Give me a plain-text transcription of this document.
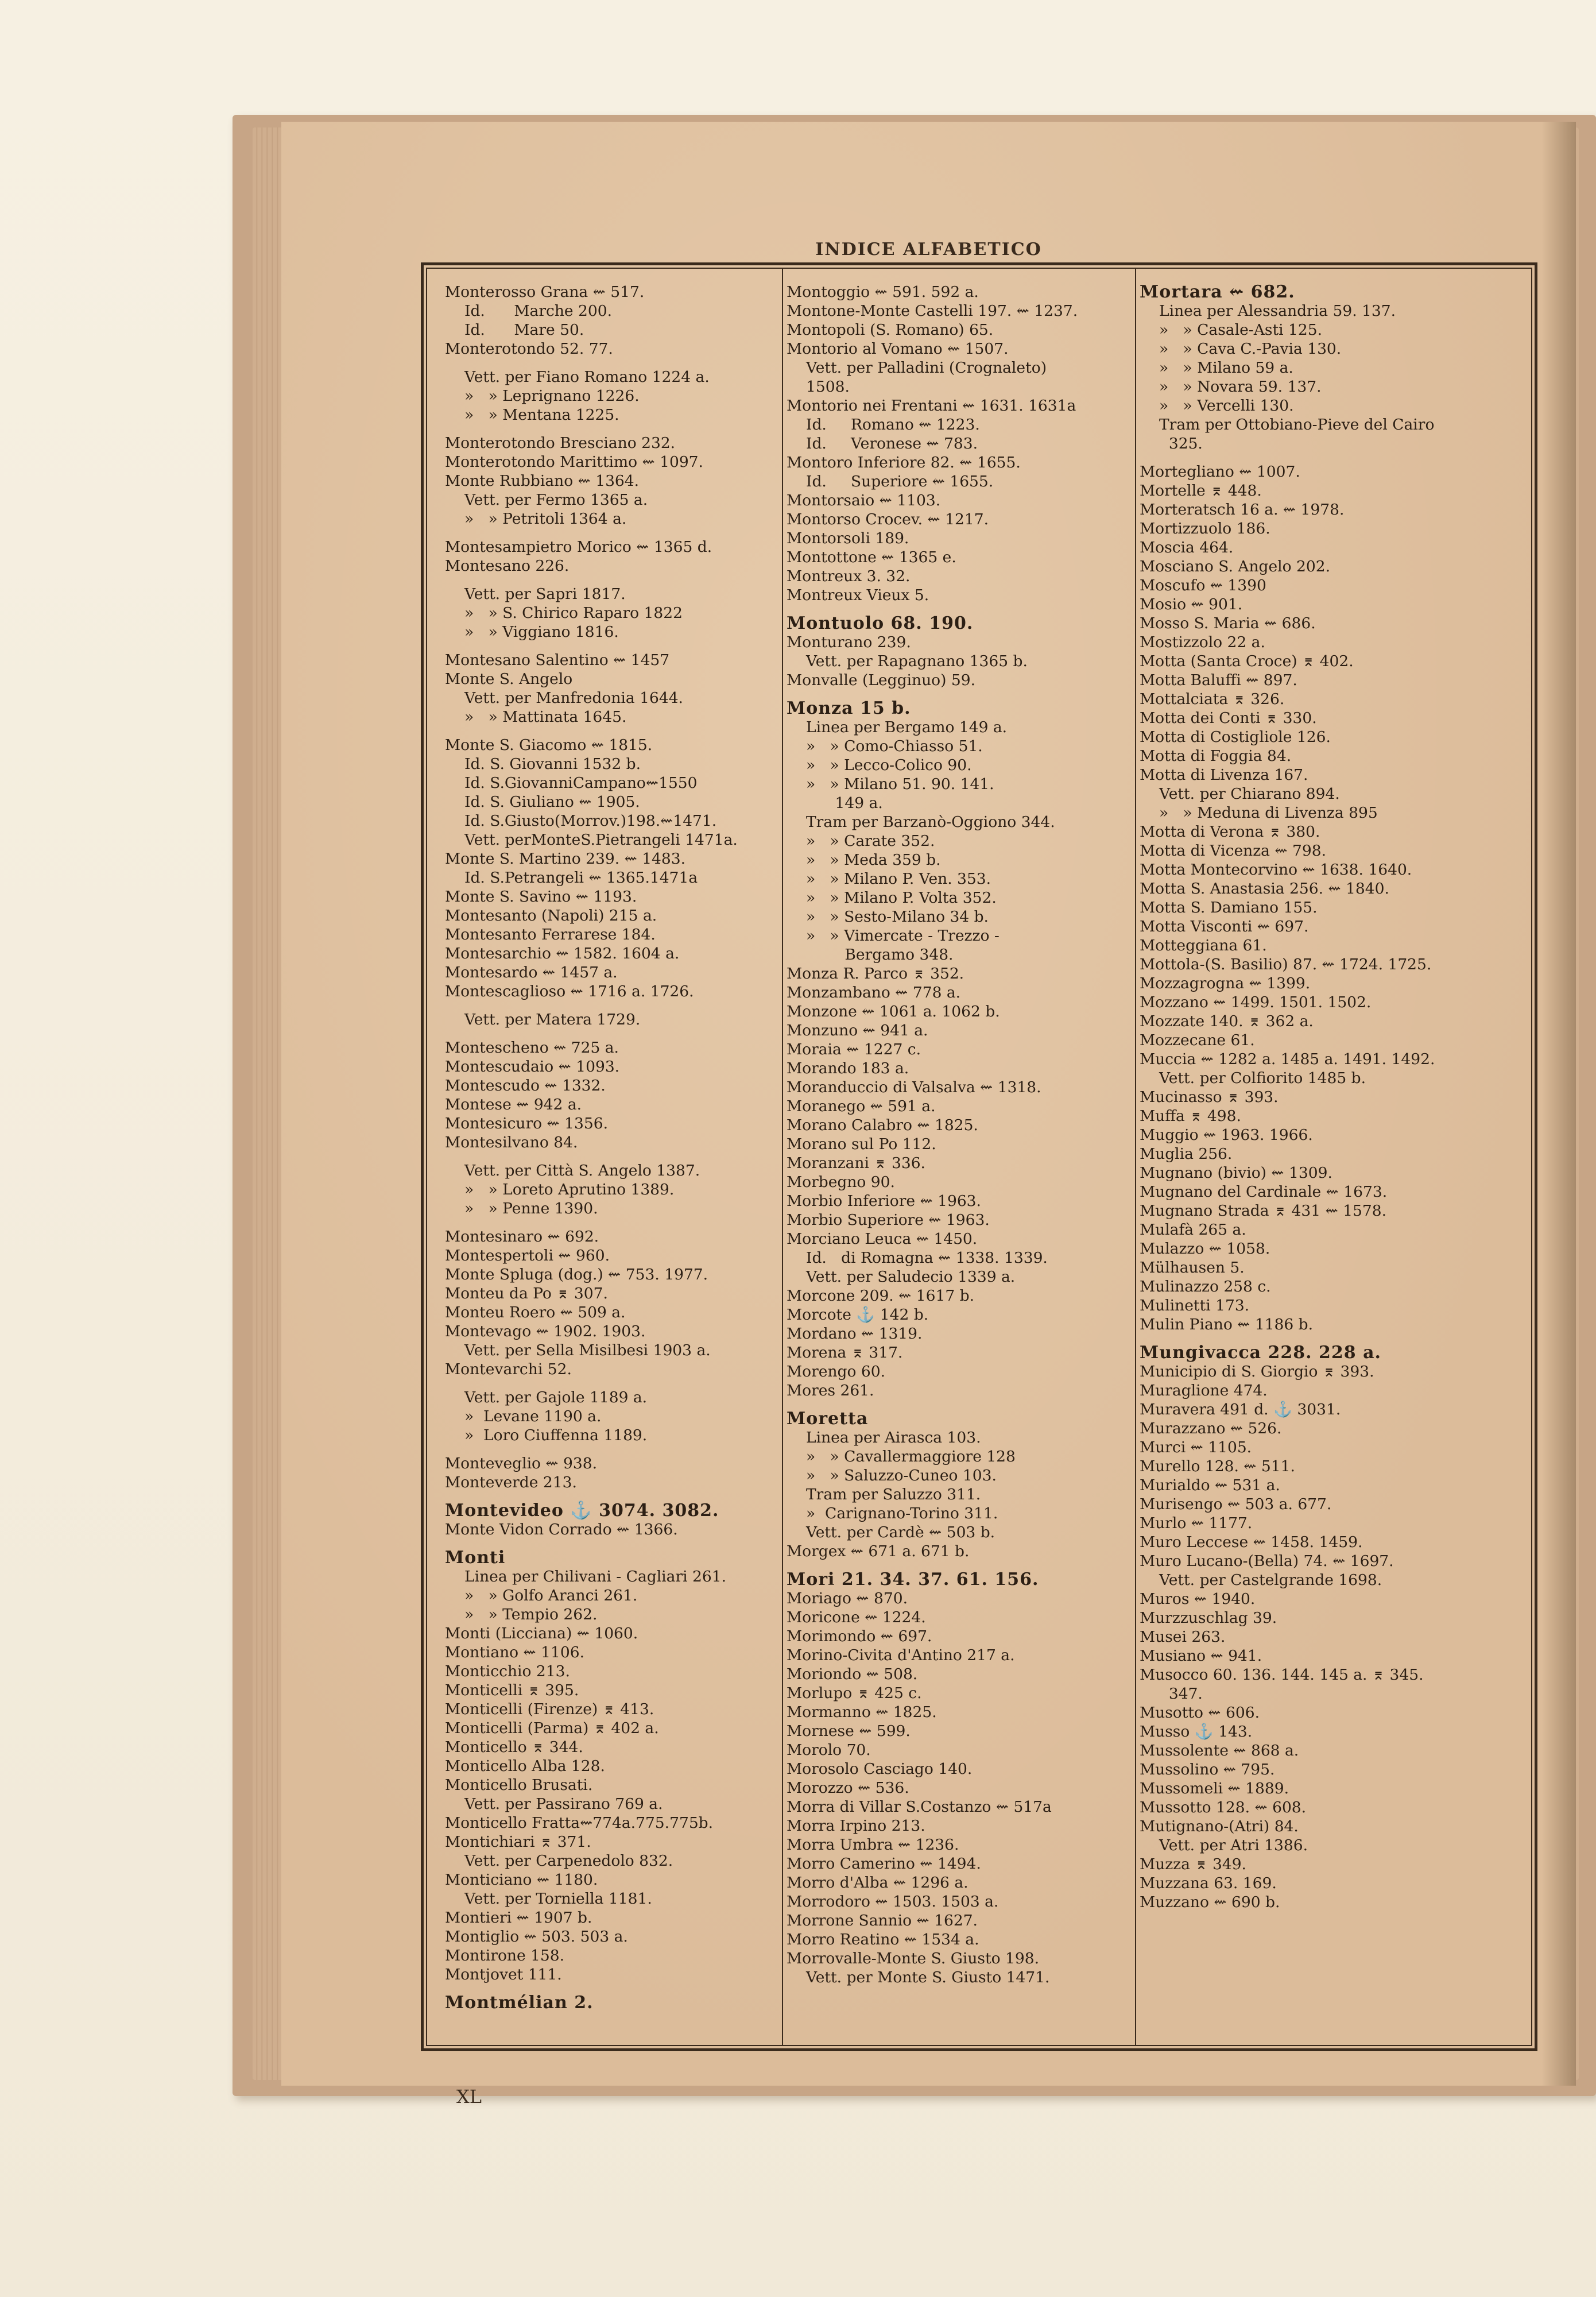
INDICE ALFABETICO
Monterosso Grana ⇜ 517.
Id.      Marche 200.
Id.      Mare 50.
Monterotondo 52. 77.
Vett. per Fiano Romano 1224 a.
»   » Leprignano 1226.
»   » Mentana 1225.
Monterotondo Bresciano 232.
Monterotondo Marittimo ⇜ 1097.
Monte Rubbiano ⇜ 1364.
Vett. per Fermo 1365 a.
»   » Petritoli 1364 a.
Montesampietro Morico ⇜ 1365 d.
Montesano 226.
Vett. per Sapri 1817.
»   » S. Chirico Raparo 1822
»   » Viggiano 1816.
Montesano Salentino ⇜ 1457
Monte S. Angelo
Vett. per Manfredonia 1644.
»   » Mattinata 1645.
Monte S. Giacomo ⇜ 1815.
Id. S. Giovanni 1532 b.
Id. S.GiovanniCampano⇜1550
Id. S. Giuliano ⇜ 1905.
Id. S.Giusto(Morrov.)198.⇜1471.
Vett. perMonteS.Pietrangeli 1471a.
Monte S. Martino 239. ⇜ 1483.
Id. S.Petrangeli ⇜ 1365.1471a
Monte S. Savino ⇜ 1193.
Montesanto (Napoli) 215 a.
Montesanto Ferrarese 184.
Montesarchio ⇜ 1582. 1604 a.
Montesardo ⇜ 1457 a.
Montescaglioso ⇜ 1716 a. 1726.
Vett. per Matera 1729.
Montescheno ⇜ 725 a.
Montescudaio ⇜ 1093.
Montescudo ⇜ 1332.
Montese ⇜ 942 a.
Montesicuro ⇜ 1356.
Montesilvano 84.
Vett. per Città S. Angelo 1387.
»   » Loreto Aprutino 1389.
»   » Penne 1390.
Montesinaro ⇜ 692.
Montespertoli ⇜ 960.
Monte Spluga (dog.) ⇜ 753. 1977.
Monteu da Po ⌆ 307.
Monteu Roero ⇜ 509 a.
Montevago ⇜ 1902. 1903.
Vett. per Sella Misilbesi 1903 a.
Montevarchi 52.
Vett. per Gajole 1189 a.
»  Levane 1190 a.
»  Loro Ciuffenna 1189.
Monteveglio ⇜ 938.
Monteverde 213.
Montevideo ⚓ 3074. 3082.
Monte Vidon Corrado ⇜ 1366.
Monti
Linea per Chilivani - Cagliari 261.
»   » Golfo Aranci 261.
»   » Tempio 262.
Monti (Licciana) ⇜ 1060.
Montiano ⇜ 1106.
Monticchio 213.
Monticelli ⌆ 395.
Monticelli (Firenze) ⌆ 413.
Monticelli (Parma) ⌆ 402 a.
Monticello ⌆ 344.
Monticello Alba 128.
Monticello Brusati.
Vett. per Passirano 769 a.
Monticello Fratta⇜774a.775.775b.
Montichiari ⌆ 371.
Vett. per Carpenedolo 832.
Monticiano ⇜ 1180.
Vett. per Torniella 1181.
Montieri ⇜ 1907 b.
Montiglio ⇜ 503. 503 a.
Montirone 158.
Montjovet 111.
Montmélian 2.
Montoggio ⇜ 591. 592 a.
Montone-Monte Castelli 197. ⇜ 1237.
Montopoli (S. Romano) 65.
Montorio al Vomano ⇜ 1507.
Vett. per Palladini (Crognaleto)
1508.
Montorio nei Frentani ⇜ 1631. 1631a
Id.     Romano ⇜ 1223.
Id.     Veronese ⇜ 783.
Montoro Inferiore 82. ⇜ 1655.
Id.     Superiore ⇜ 1655.
Montorsaio ⇜ 1103.
Montorso Crocev. ⇜ 1217.
Montorsoli 189.
Montottone ⇜ 1365 e.
Montreux 3. 32.
Montreux Vieux 5.
Montuolo 68. 190.
Monturano 239.
Vett. per Rapagnano 1365 b.
Monvalle (Legginuo) 59.
Monza 15 b.
Linea per Bergamo 149 a.
»   » Como-Chiasso 51.
»   » Lecco-Colico 90.
»   » Milano 51. 90. 141.
149 a.
Tram per Barzanò-Oggiono 344.
»   » Carate 352.
»   » Meda 359 b.
»   » Milano P. Ven. 353.
»   » Milano P. Volta 352.
»   » Sesto-Milano 34 b.
»   » Vimercate - Trezzo -
Bergamo 348.
Monza R. Parco ⌆ 352.
Monzambano ⇜ 778 a.
Monzone ⇜ 1061 a. 1062 b.
Monzuno ⇜ 941 a.
Moraia ⇜ 1227 c.
Morando 183 a.
Moranduccio di Valsalva ⇜ 1318.
Moranego ⇜ 591 a.
Morano Calabro ⇜ 1825.
Morano sul Po 112.
Moranzani ⌆ 336.
Morbegno 90.
Morbio Inferiore ⇜ 1963.
Morbio Superiore ⇜ 1963.
Morciano Leuca ⇜ 1450.
Id.   di Romagna ⇜ 1338. 1339.
Vett. per Saludecio 1339 a.
Morcone 209. ⇜ 1617 b.
Morcote ⚓ 142 b.
Mordano ⇜ 1319.
Morena ⌆ 317.
Morengo 60.
Mores 261.
Moretta
Linea per Airasca 103.
»   » Cavallermaggiore 128
»   » Saluzzo-Cuneo 103.
Tram per Saluzzo 311.
»  Carignano-Torino 311.
Vett. per Cardè ⇜ 503 b.
Morgex ⇜ 671 a. 671 b.
Mori 21. 34. 37. 61. 156.
Moriago ⇜ 870.
Moricone ⇜ 1224.
Morimondo ⇜ 697.
Morino-Civita d'Antino 217 a.
Moriondo ⇜ 508.
Morlupo ⌆ 425 c.
Mormanno ⇜ 1825.
Mornese ⇜ 599.
Morolo 70.
Morosolo Casciago 140.
Morozzo ⇜ 536.
Morra di Villar S.Costanzo ⇜ 517a
Morra Irpino 213.
Morra Umbra ⇜ 1236.
Morro Camerino ⇜ 1494.
Morro d'Alba ⇜ 1296 a.
Morrodoro ⇜ 1503. 1503 a.
Morrone Sannio ⇜ 1627.
Morro Reatino ⇜ 1534 a.
Morrovalle-Monte S. Giusto 198.
Vett. per Monte S. Giusto 1471.
Mortara ⇜ 682.
Linea per Alessandria 59. 137.
»   » Casale-Asti 125.
»   » Cava C.-Pavia 130.
»   » Milano 59 a.
»   » Novara 59. 137.
»   » Vercelli 130.
Tram per Ottobiano-Pieve del Cairo
325.
Mortegliano ⇜ 1007.
Mortelle ⌆ 448.
Morteratsch 16 a. ⇜ 1978.
Mortizzuolo 186.
Moscia 464.
Mosciano S. Angelo 202.
Moscufo ⇜ 1390
Mosio ⇜ 901.
Mosso S. Maria ⇜ 686.
Mostizzolo 22 a.
Motta (Santa Croce) ⌆ 402.
Motta Baluffi ⇜ 897.
Mottalciata ⌆ 326.
Motta dei Conti ⌆ 330.
Motta di Costigliole 126.
Motta di Foggia 84.
Motta di Livenza 167.
Vett. per Chiarano 894.
»   » Meduna di Livenza 895
Motta di Verona ⌆ 380.
Motta di Vicenza ⇜ 798.
Motta Montecorvino ⇜ 1638. 1640.
Motta S. Anastasia 256. ⇜ 1840.
Motta S. Damiano 155.
Motta Visconti ⇜ 697.
Motteggiana 61.
Mottola-(S. Basilio) 87. ⇜ 1724. 1725.
Mozzagrogna ⇜ 1399.
Mozzano ⇜ 1499. 1501. 1502.
Mozzate 140. ⌆ 362 a.
Mozzecane 61.
Muccia ⇜ 1282 a. 1485 a. 1491. 1492.
Vett. per Colfiorito 1485 b.
Mucinasso ⌆ 393.
Muffa ⌆ 498.
Muggio ⇜ 1963. 1966.
Muglia 256.
Mugnano (bivio) ⇜ 1309.
Mugnano del Cardinale ⇜ 1673.
Mugnano Strada ⌆ 431 ⇜ 1578.
Mulafà 265 a.
Mulazzo ⇜ 1058.
Mülhausen 5.
Mulinazzo 258 c.
Mulinetti 173.
Mulin Piano ⇜ 1186 b.
Mungivacca 228. 228 a.
Municipio di S. Giorgio ⌆ 393.
Muraglione 474.
Muravera 491 d. ⚓ 3031.
Murazzano ⇜ 526.
Murci ⇜ 1105.
Murello 128. ⇜ 511.
Murialdo ⇜ 531 a.
Murisengo ⇜ 503 a. 677.
Murlo ⇜ 1177.
Muro Leccese ⇜ 1458. 1459.
Muro Lucano-(Bella) 74. ⇜ 1697.
Vett. per Castelgrande 1698.
Muros ⇜ 1940.
Murzzuschlag 39.
Musei 263.
Musiano ⇜ 941.
Musocco 60. 136. 144. 145 a. ⌆ 345.
347.
Musotto ⇜ 606.
Musso ⚓ 143.
Mussolente ⇜ 868 a.
Mussolino ⇜ 795.
Mussomeli ⇜ 1889.
Mussotto 128. ⇜ 608.
Mutignano-(Atri) 84.
Vett. per Atri 1386.
Muzza ⌆ 349.
Muzzana 63. 169.
Muzzano ⇜ 690 b.
XL
